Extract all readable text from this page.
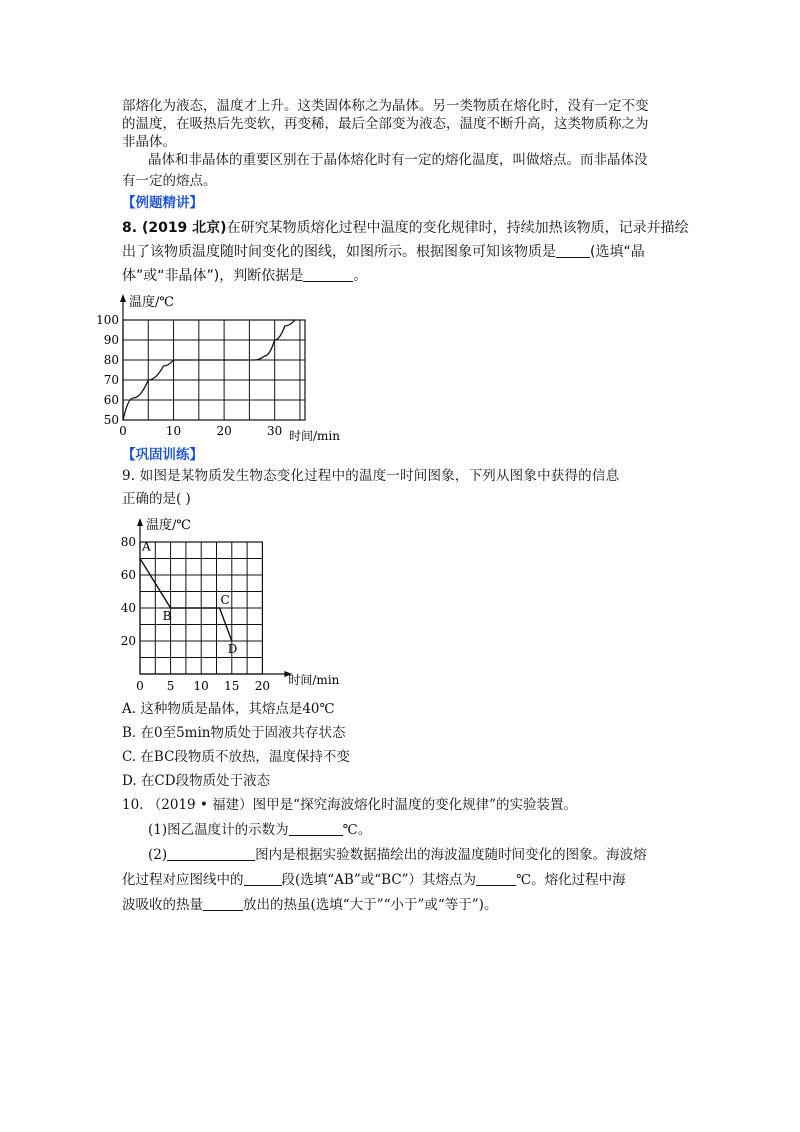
部熔化为液态，温度才上升。这类固体称之为晶体。另一类物质在熔化时，没有一定不变
的温度，在吸热后先变软，再变稀，最后全部变为液态，温度不断升高，这类物质称之为
非晶体。
晶体和非晶体的重要区别在于晶体熔化时有一定的熔化温度，叫做熔点。而非晶体没
有一定的熔点。
【例题精讲】
8. (2019 北京)在研究某物质熔化过程中温度的变化规律时，持续加热该物质，记录并描绘
出了该物质温度随时间变化的图线，如图所示。根据图象可知该物质是 (选填“晶
体”或“非晶体”)，判断依据是	。
温度/℃
100
90
80
70
60
50
0	10	20	30 时间/min
【巩固训练】
9. 如图是某物质发生物态变化过程中的温度一时间图象，下列从图象中获得的信息
正确的是( )
温度/℃
80
60
40
20
0 5 10 15 20 时间/min
A
B
C
D
A. 这种物质是晶体，其熔点是40℃
B. 在0至5min物质处于固液共存状态
C. 在BC段物质不放热，温度保持不变
D. 在CD段物质处于液态
10. （2019 • 福建）图甲是“探究海波熔化时温度的变化规律”的实验装置。
(1)图乙温度计的示数为	℃。
(2)	图内是根据实验数据描绘出的海波温度随时间变化的图象。海波熔
化过程对应图线中的	段(选填“AB”或“BC”）其熔点为	℃。熔化过程中海
波吸收的热量	放出的热虽(选填“大于”“小于”或“等于”)。
